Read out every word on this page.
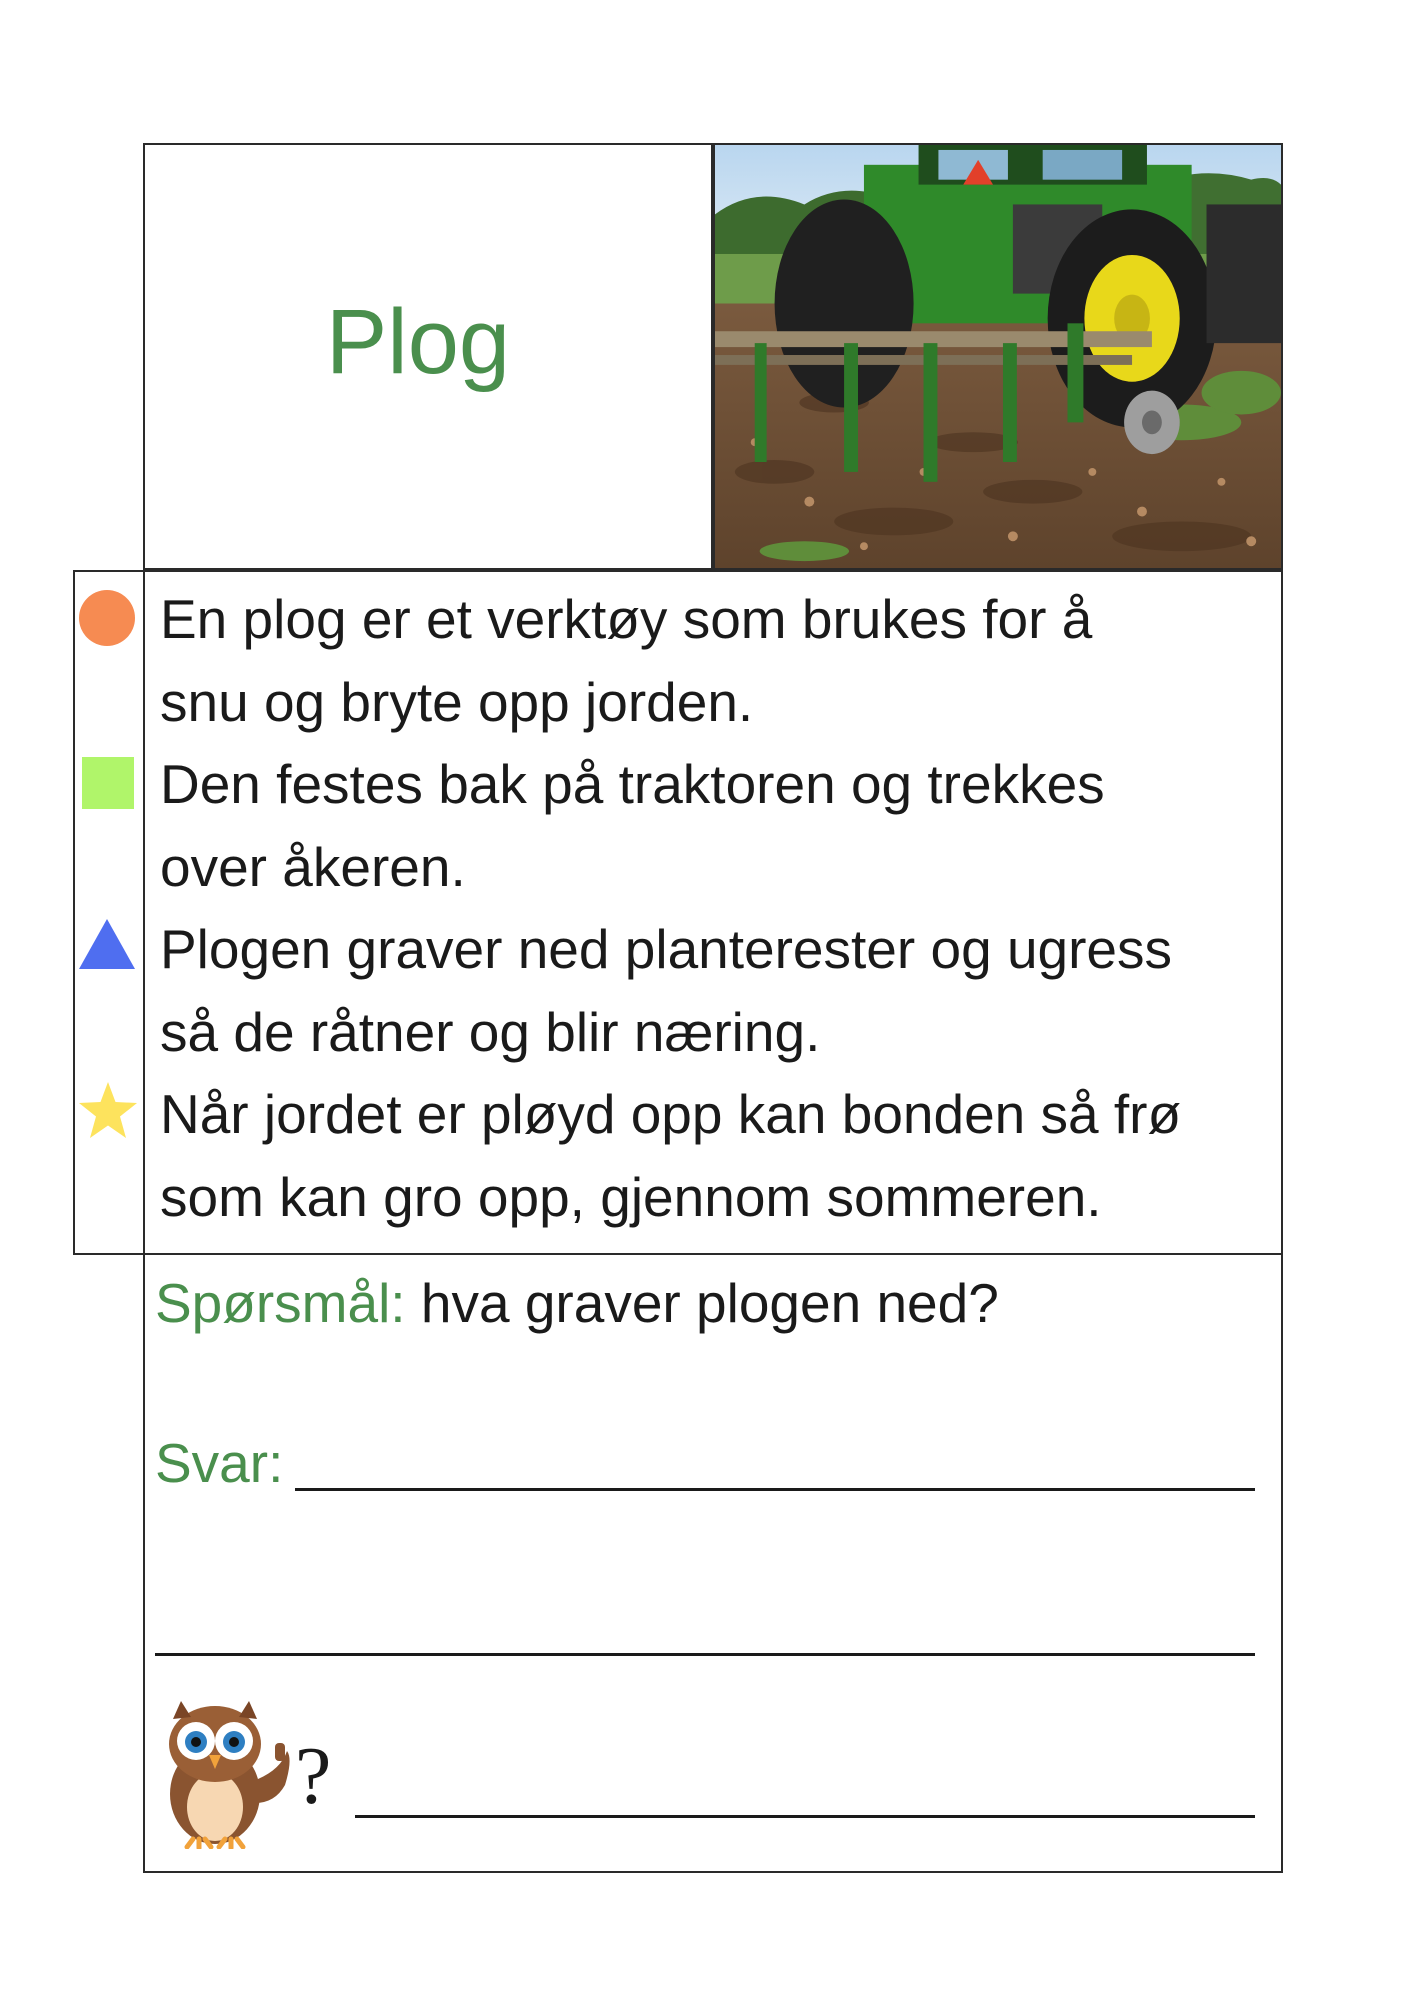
Plog
En plog er et verktøy som brukes for å
snu og bryte opp jorden.
Den festes bak på traktoren og trekkes
over åkeren.
Plogen graver ned planterester og ugress
så de råtner og blir næring.
Når jordet er pløyd opp kan bonden så frø
som kan gro opp, gjennom sommeren.
Spørsmål: hva graver plogen ned?
Svar:
?
